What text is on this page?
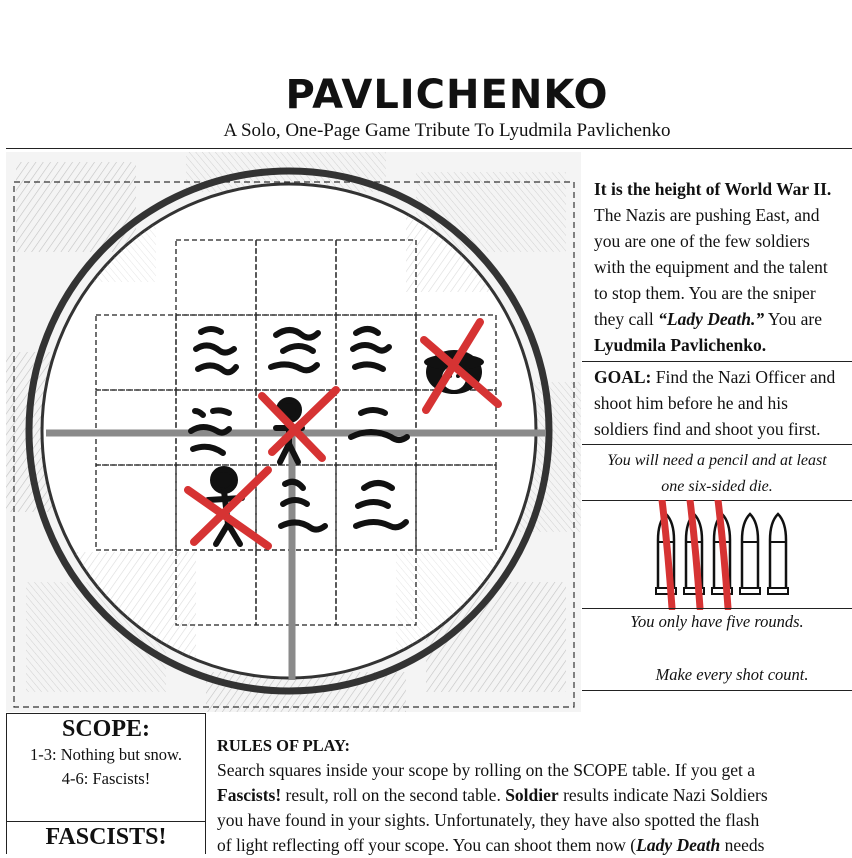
PAVLICHENKO
A Solo, One-Page Game Tribute To Lyudmila Pavlichenko
It is the height of World War II.
The Nazis are pushing East, and
you are one of the few soldiers
with the equipment and the talent
to stop them. You are the sniper
they call “Lady Death.” You are
Lyudmila Pavlichenko.
GOAL: Find the Nazi Officer and
shoot him before he and his
soldiers find and shoot you first.
You will need a pencil and at least
one six-sided die.
You only have five rounds.
Make every shot count.
SCOPE:
1-3: Nothing but snow.
4-6: Fascists!
FASCISTS!
RULES OF PLAY:
Search squares inside your scope by rolling on the SCOPE table. If you get a
Fascists! result, roll on the second table. Soldier results indicate Nazi Soldiers
you have found in your sights. Unfortunately, they have also spotted the flash
of light reflecting off your scope. You can shoot them now (Lady Death needs
